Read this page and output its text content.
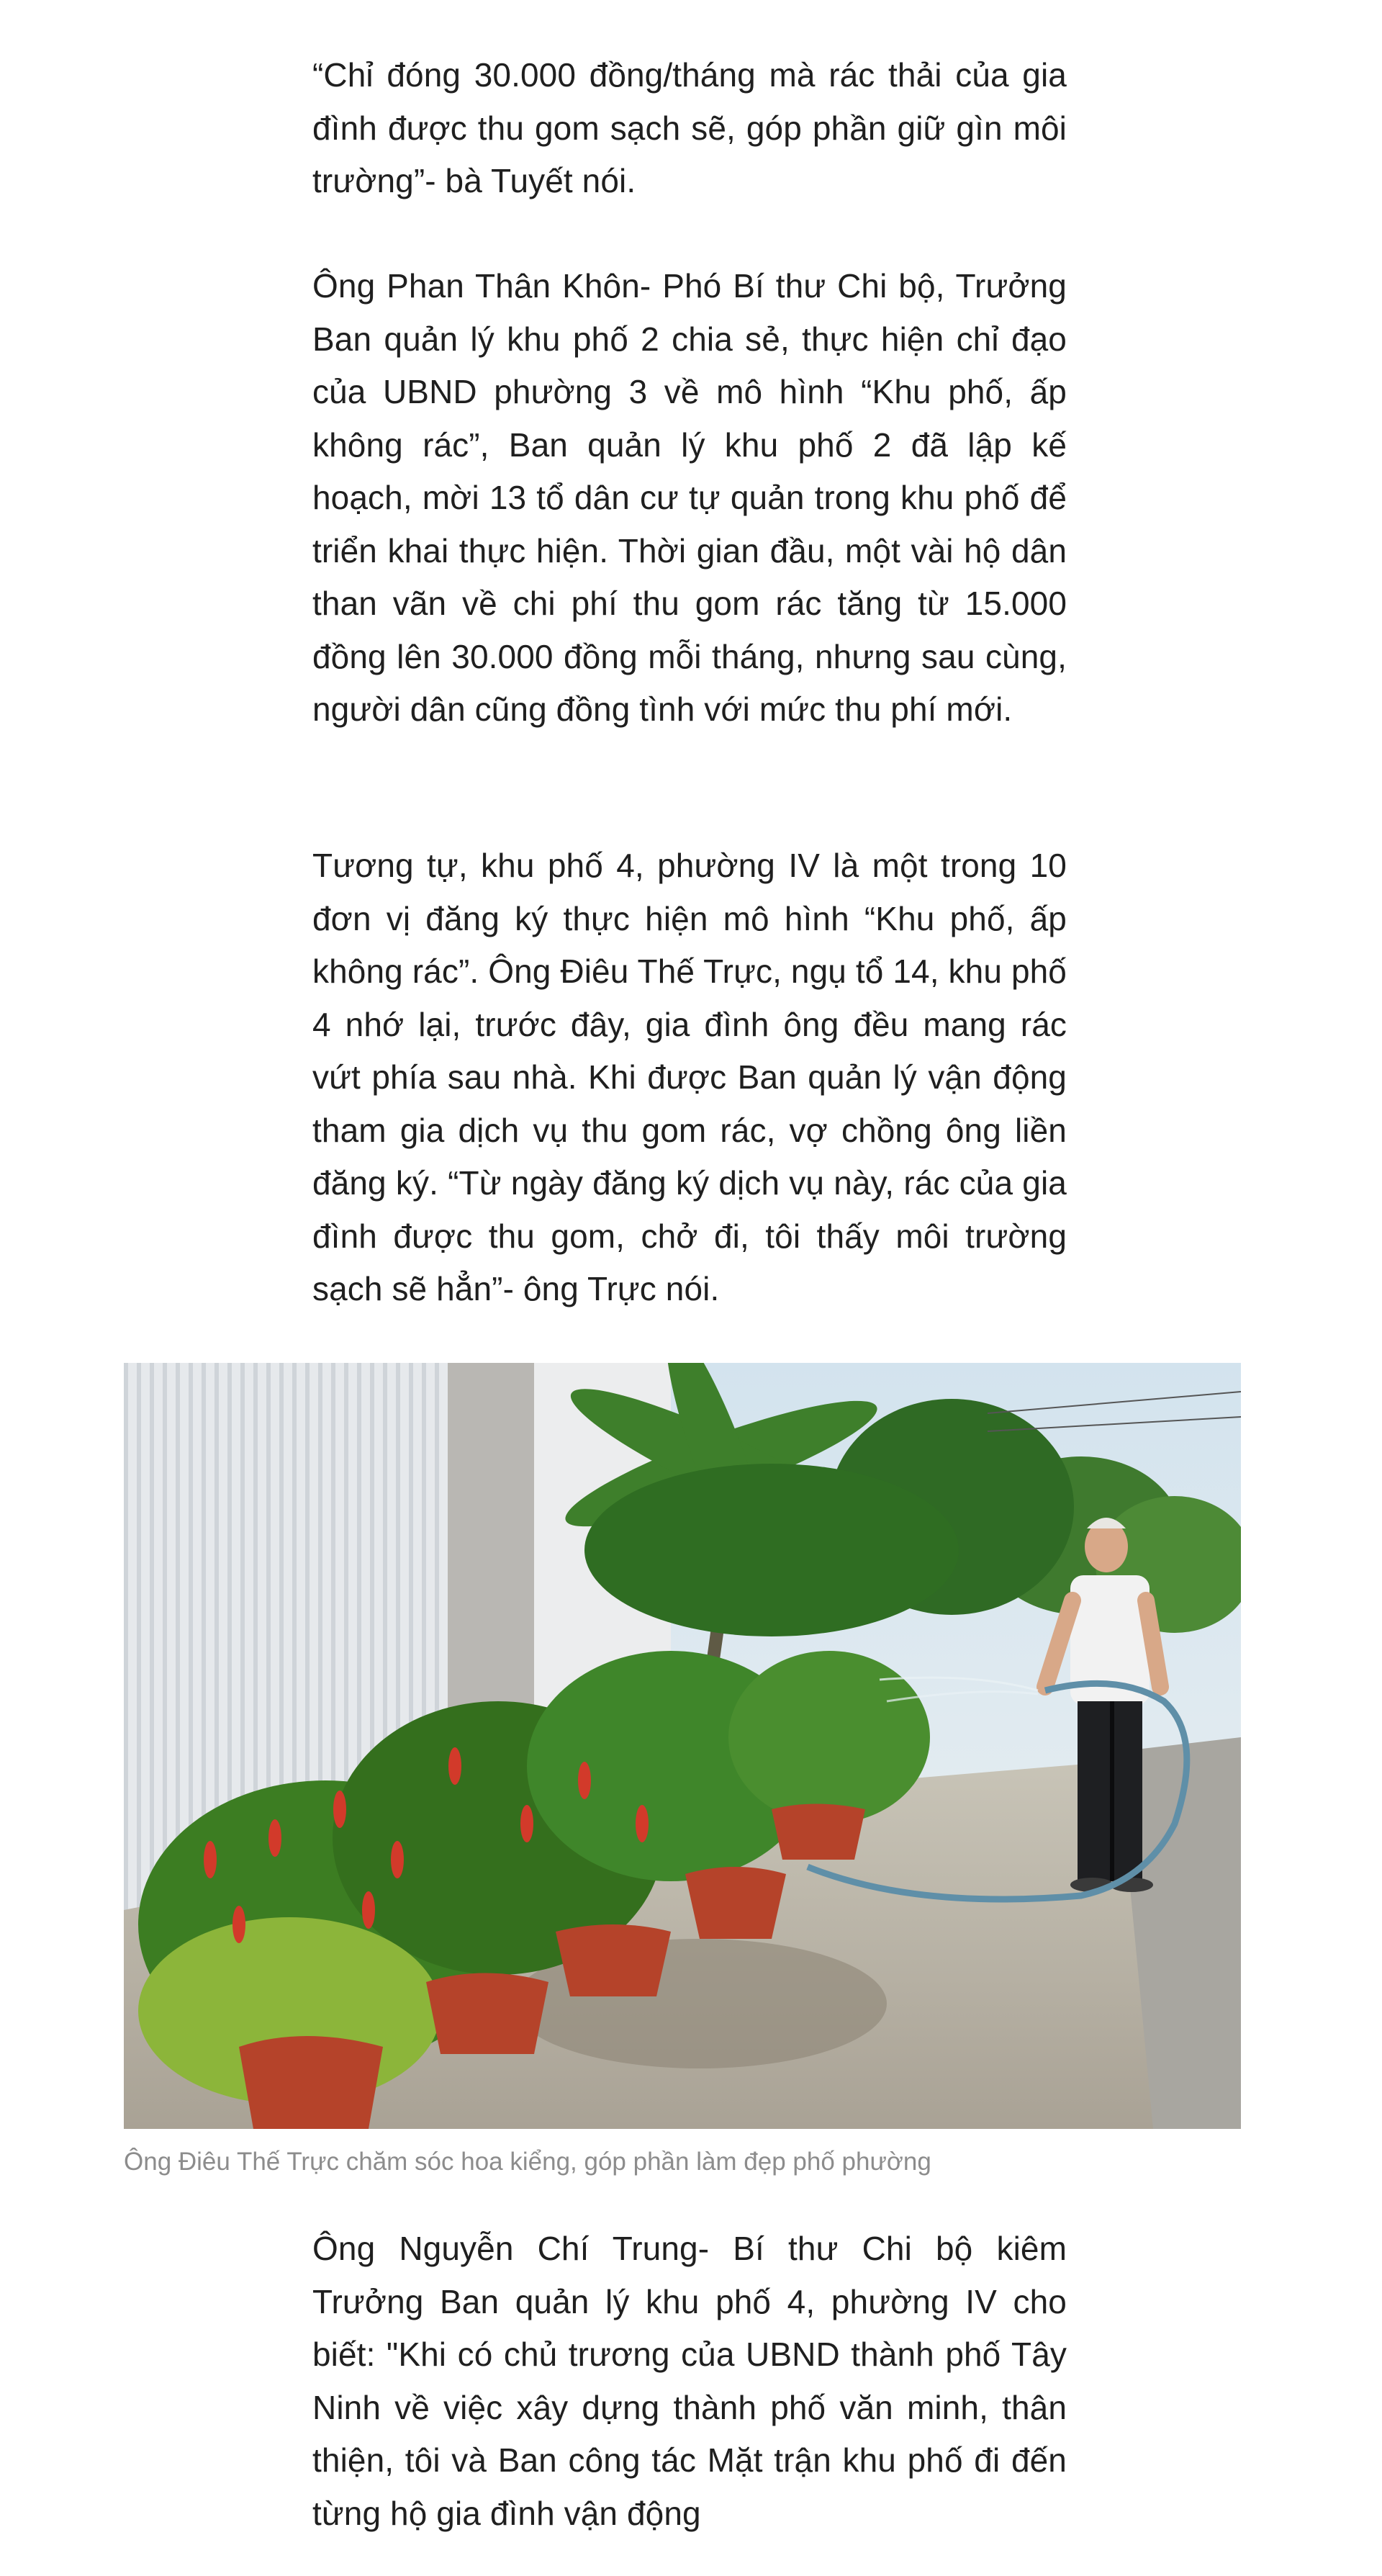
“Chỉ đóng 30.000 đồng/tháng mà rác thải của gia đình được thu gom sạch sẽ, góp phần giữ gìn môi trường”- bà Tuyết nói.

Ông Phan Thân Khôn- Phó Bí thư Chi bộ, Trưởng Ban quản lý khu phố 2 chia sẻ, thực hiện chỉ đạo của UBND phường 3 về mô hình “Khu phố, ấp không rác”, Ban quản lý khu phố 2 đã lập kế hoạch, mời 13 tổ dân cư tự quản trong khu phố để triển khai thực hiện. Thời gian đầu, một vài hộ dân than vãn về chi phí thu gom rác tăng từ 15.000 đồng lên 30.000 đồng mỗi tháng, nhưng sau cùng, người dân cũng đồng tình với mức thu phí mới.

Tương tự, khu phố 4, phường IV là một trong 10 đơn vị đăng ký thực hiện mô hình “Khu phố, ấp không rác”. Ông Điêu Thế Trực, ngụ tổ 14, khu phố 4 nhớ lại, trước đây, gia đình ông đều mang rác vứt phía sau nhà. Khi được Ban quản lý vận động tham gia dịch vụ thu gom rác, vợ chồng ông liền đăng ký. “Từ ngày đăng ký dịch vụ này, rác của gia đình được thu gom, chở đi, tôi thấy môi trường sạch sẽ hẳn”- ông Trực nói.

Ông Điêu Thế Trực chăm sóc hoa kiểng, góp phần làm đẹp phố phường

Ông Nguyễn Chí Trung- Bí thư Chi bộ kiêm Trưởng Ban quản lý khu phố 4, phường IV cho biết: "Khi có chủ trương của UBND thành phố Tây Ninh về việc xây dựng thành phố văn minh, thân thiện, tôi và Ban công tác Mặt trận khu phố đi đến từng hộ gia đình vận động
